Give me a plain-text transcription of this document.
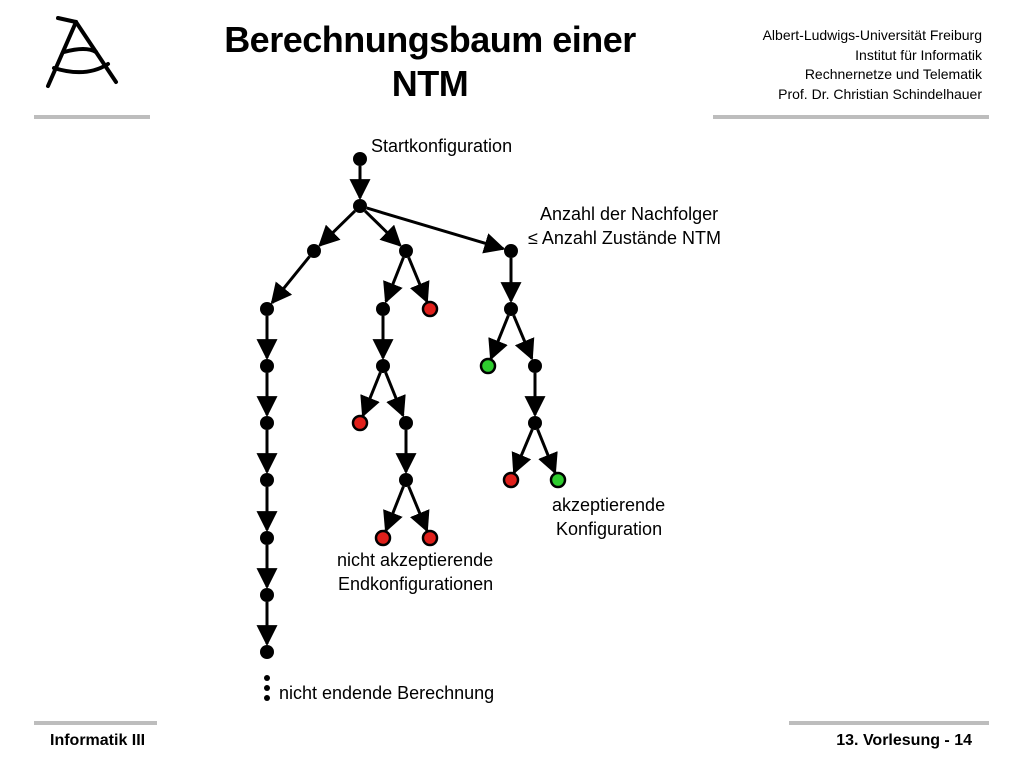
Berechnungsbaum einer
NTM
Albert-Ludwigs-Universität Freiburg
Institut für Informatik
Rechnernetze und Telematik
Prof. Dr. Christian Schindelhauer
Startkonfiguration
Anzahl der Nachfolger
≤ Anzahl Zustände NTM
akzeptierende
Konfiguration
nicht akzeptierende
Endkonfigurationen
nicht endende Berechnung
Informatik III	13. Vorlesung - 14
